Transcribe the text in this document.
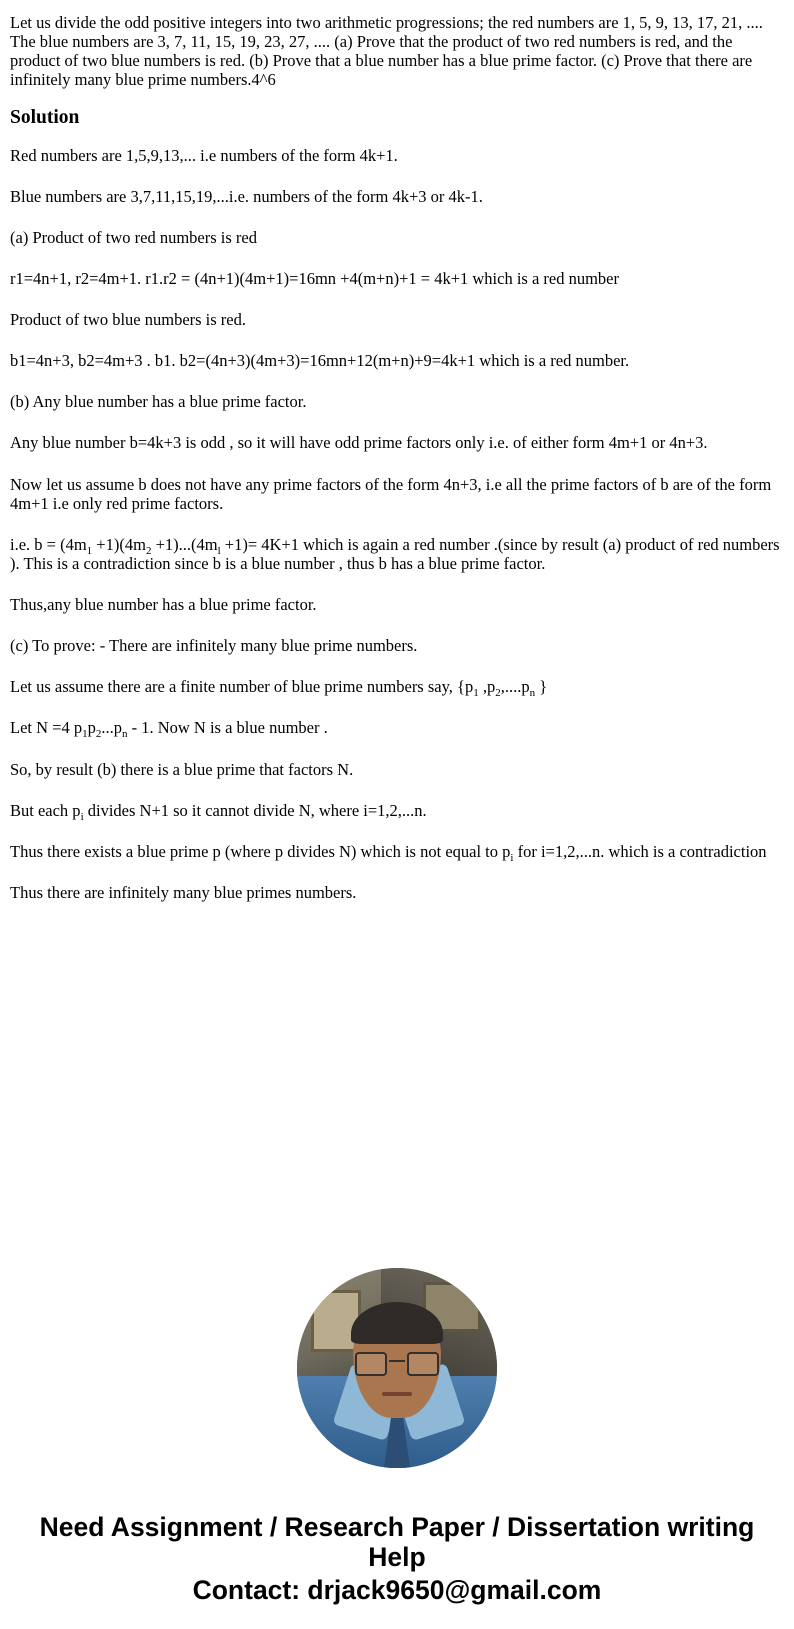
Let us divide the odd positive integers into two arithmetic progressions; the red numbers are 1, 5, 9, 13, 17, 21, .... The blue numbers are 3, 7, 11, 15, 19, 23, 27, .... (a) Prove that the product of two red numbers is red, and the product of two blue numbers is red. (b) Prove that a blue number has a blue prime factor. (c) Prove that there are infinitely many blue prime numbers.4^6

Solution

Red numbers are 1,5,9,13,... i.e numbers of the form 4k+1.

Blue numbers are 3,7,11,15,19,...i.e. numbers of the form 4k+3 or 4k-1.

(a) Product of two red numbers is red

r1=4n+1, r2=4m+1. r1.r2 = (4n+1)(4m+1)=16mn +4(m+n)+1 = 4k+1 which is a red number

Product of two blue numbers is red.

b1=4n+3, b2=4m+3 . b1. b2=(4n+3)(4m+3)=16mn+12(m+n)+9=4k+1 which is a red number.

(b) Any blue number has a blue prime factor.

Any blue number b=4k+3 is odd , so it will have odd prime factors only i.e. of either form 4m+1 or 4n+3.

Now let us assume b does not have any prime factors of the form 4n+3, i.e all the prime factors of b are of the form 4m+1 i.e only red prime factors.

i.e. $b = (4m_1 +1)(4m_2 +1)...(4m_l +1)= 4K+1$ which is again a red number .(since by result (a) product of red numbers ). This is a contradiction since b is a blue number , thus b has a blue prime factor.

Thus,any blue number has a blue prime factor.

(c) To prove: - There are infinitely many blue prime numbers.

Let us assume there are a finite number of blue prime numbers say, {$p_1$ $,p_2,....p_n$ }

Let N =4 $p_1p_2...p_n - 1$. Now N is a blue number .

So, by result (b) there is a blue prime that factors N.

But each $p_i$ divides N+1 so it cannot divide N, where i=1,2,...n.

Thus there exists a blue prime p (where p divides N) which is not equal to $p_i$ for i=1,2,...n. which is a contradiction

Thus there are infinitely many blue primes numbers.

Need Assignment / Research Paper / Dissertation writing Help
Contact: drjack9650@gmail.com
